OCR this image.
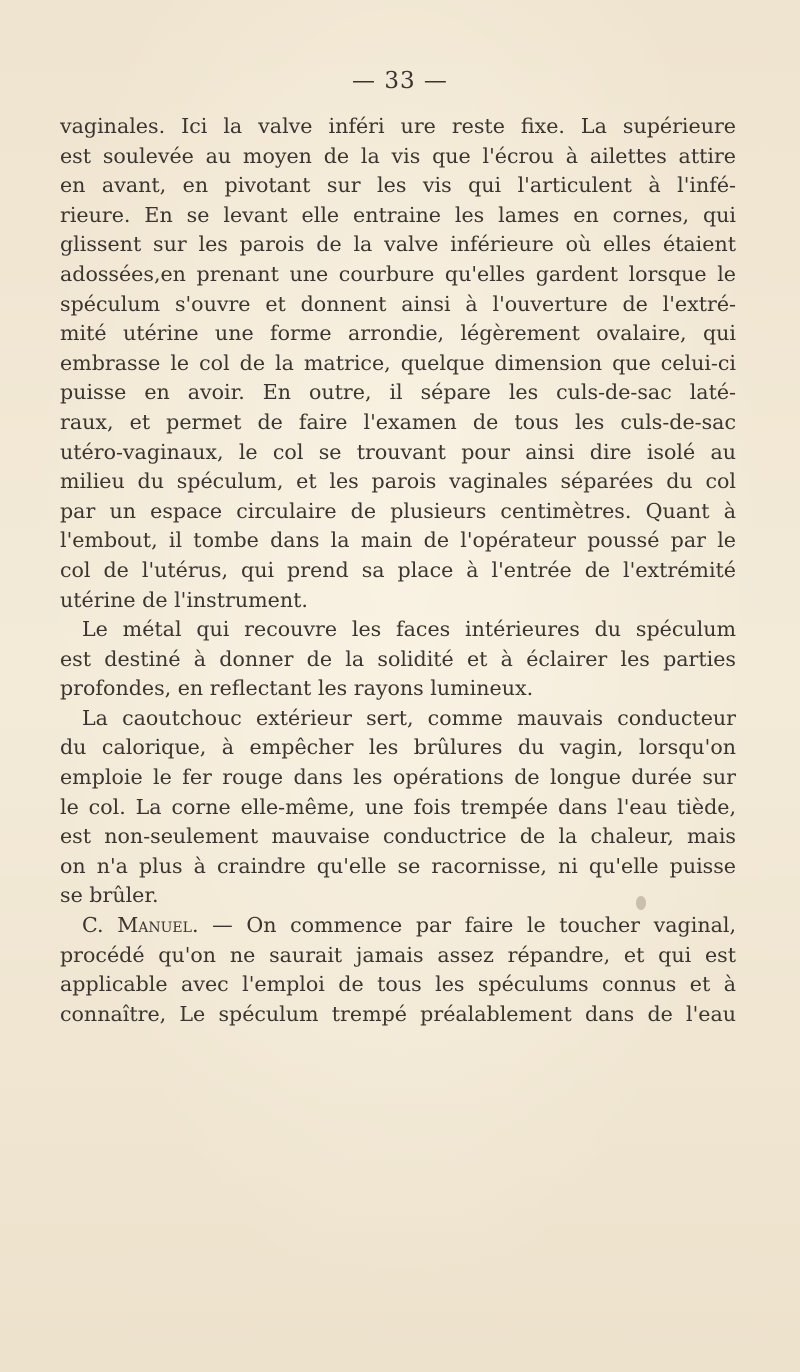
— 33 —
vaginales. Ici la valve inféri ure reste fixe. La supérieure
est soulevée au moyen de la vis que l'écrou à ailettes attire
en avant, en pivotant sur les vis qui l'articulent à l'infé-
rieure. En se levant elle entraine les lames en cornes, qui
glissent sur les parois de la valve inférieure où elles étaient
adossées,en prenant une courbure qu'elles gardent lorsque le
spéculum s'ouvre et donnent ainsi à l'ouverture de l'extré-
mité utérine une forme arrondie, légèrement ovalaire, qui
embrasse le col de la matrice, quelque dimension que celui-ci
puisse en avoir. En outre, il sépare les culs-de-sac laté-
raux, et permet de faire l'examen de tous les culs-de-sac
utéro-vaginaux, le col se trouvant pour ainsi dire isolé au
milieu du spéculum, et les parois vaginales séparées du col
par un espace circulaire de plusieurs centimètres. Quant à
l'embout, il tombe dans la main de l'opérateur poussé par le
col de l'utérus, qui prend sa place à l'entrée de l'extrémité
utérine de l'instrument.
Le métal qui recouvre les faces intérieures du spéculum
est destiné à donner de la solidité et à éclairer les parties
profondes, en reflectant les rayons lumineux.
La caoutchouc extérieur sert, comme mauvais conducteur
du calorique, à empêcher les brûlures du vagin, lorsqu'on
emploie le fer rouge dans les opérations de longue durée sur
le col. La corne elle-même, une fois trempée dans l'eau tiède,
est non-seulement mauvaise conductrice de la chaleur, mais
on n'a plus à craindre qu'elle se racornisse, ni qu'elle puisse
se brûler.
C. Manuel. — On commence par faire le toucher vaginal,
procédé qu'on ne saurait jamais assez répandre, et qui est
applicable avec l'emploi de tous les spéculums connus et à
connaître, Le spéculum trempé préalablement dans de l'eau
